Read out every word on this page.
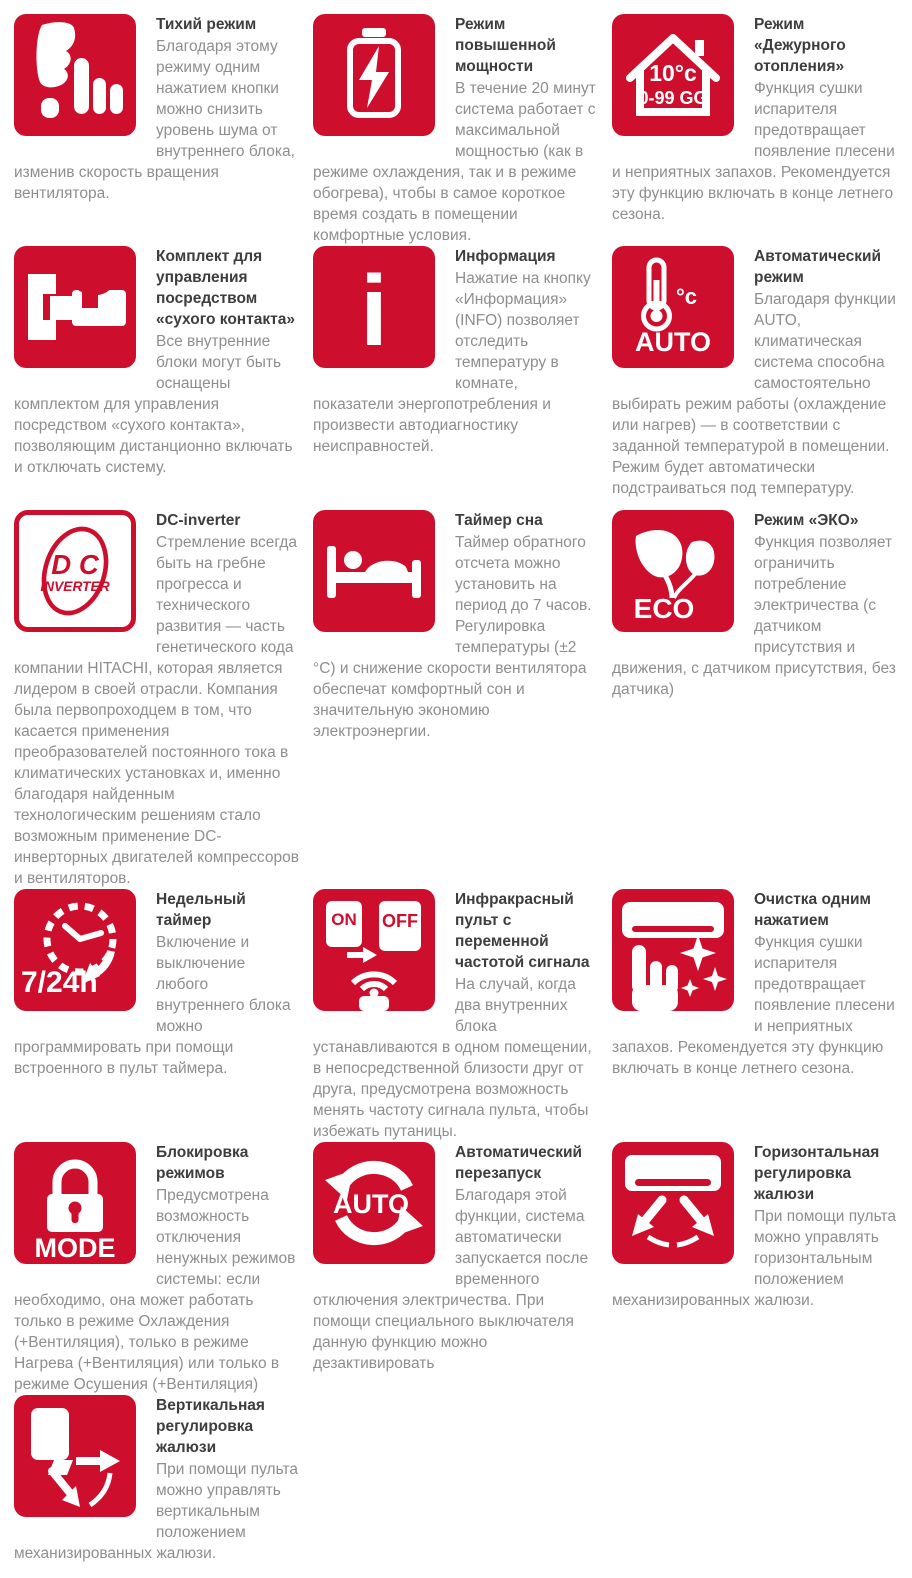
Тихий режим

Благодаря этому режиму одним нажатием кнопки можно снизить уровень шума от внутреннего блока, изменив скорость вращения вентилятора.

Режим повышенной мощности

В течение 20 минут система работает с максимальной мощностью (как в режиме охлаждения, так и в режиме обогрева), чтобы в самое короткое время создать в помещении комфортные условия.

10°c
0-99 GG
Режим «Дежурного отопления»

Функция сушки испарителя предотвращает появление плесени и неприятных запахов. Рекомендуется эту функцию включать в конце летнего сезона.

Комплект для управления посредством «сухого контакта»

Все внутренние блоки могут быть оснащены комплектом для управления посредством «сухого контакта», позволяющим дистанционно включать и отключать систему.

i	Информация

Нажатие на кнопку «Информация» (INFO) позволяет отследить температуру в комнате, показатели энергопотребления и произвести автодиагностику неисправностей.

°c
AUTO
Автоматический режим

Благодаря функции AUTO, климатическая система способна самостоятельно выбирать режим работы (охлаждение или нагрев) — в соответствии с заданной температурой в помещении. Режим будет автоматически подстраиваться под температуру.

D C
INVERTER
DC-inverter

Стремление всегда быть на гребне прогресса и технического развития — часть генетического кода компании HITACHI, которая является лидером в своей отрасли. Компания была первопроходцем в том, что касается применения преобразователей постоянного тока в климатических установках и, именно благодаря найденным технологическим решениям стало возможным применение DC-инверторных двигателей компрессоров и вентиляторов.

Таймер сна

Таймер обратного отсчета можно установить на период до 7 часов. Регулировка температуры (±2 °C) и снижение скорости вентилятора обеспечат комфортный сон и значительную экономию электроэнергии.

ECO
Режим «ЭКО»

Функция позволяет ограничить потребление электричества (с датчиком присутствия и движения, с датчиком присутствия, без датчика)

7/24h
Недельный таймер

Включение и выключение любого внутреннего блока можно программировать при помощи встроенного в пульт таймера.

ON OFF
Инфракрасный пульт с переменной частотой сигнала

На случай, когда два внутренних блока устанавливаются в одном помещении, в непосредственной близости друг от друга, предусмотрена возможность менять частоту сигнала пульта, чтобы избежать путаницы.

Очистка одним нажатием

Функция сушки испарителя предотвращает появление плесени и неприятных запахов. Рекомендуется эту функцию включать в конце летнего сезона.

MODE
Блокировка режимов

Предусмотрена возможность отключения ненужных режимов системы: если необходимо, она может работать только в режиме Охлаждения (+Вентиляция), только в режиме Нагрева (+Вентиляция) или только в режиме Осушения (+Вентиляция)

AUTO
Автоматический перезапуск

Благодаря этой функции, система автоматически запускается после временного отключения электричества. При помощи специального выключателя данную функцию можно дезактивировать

Горизонтальная регулировка жалюзи

При помощи пульта можно управлять горизонтальным положением механизированных жалюзи.

Вертикальная регулировка жалюзи

При помощи пульта можно управлять вертикальным положением механизированных жалюзи.
